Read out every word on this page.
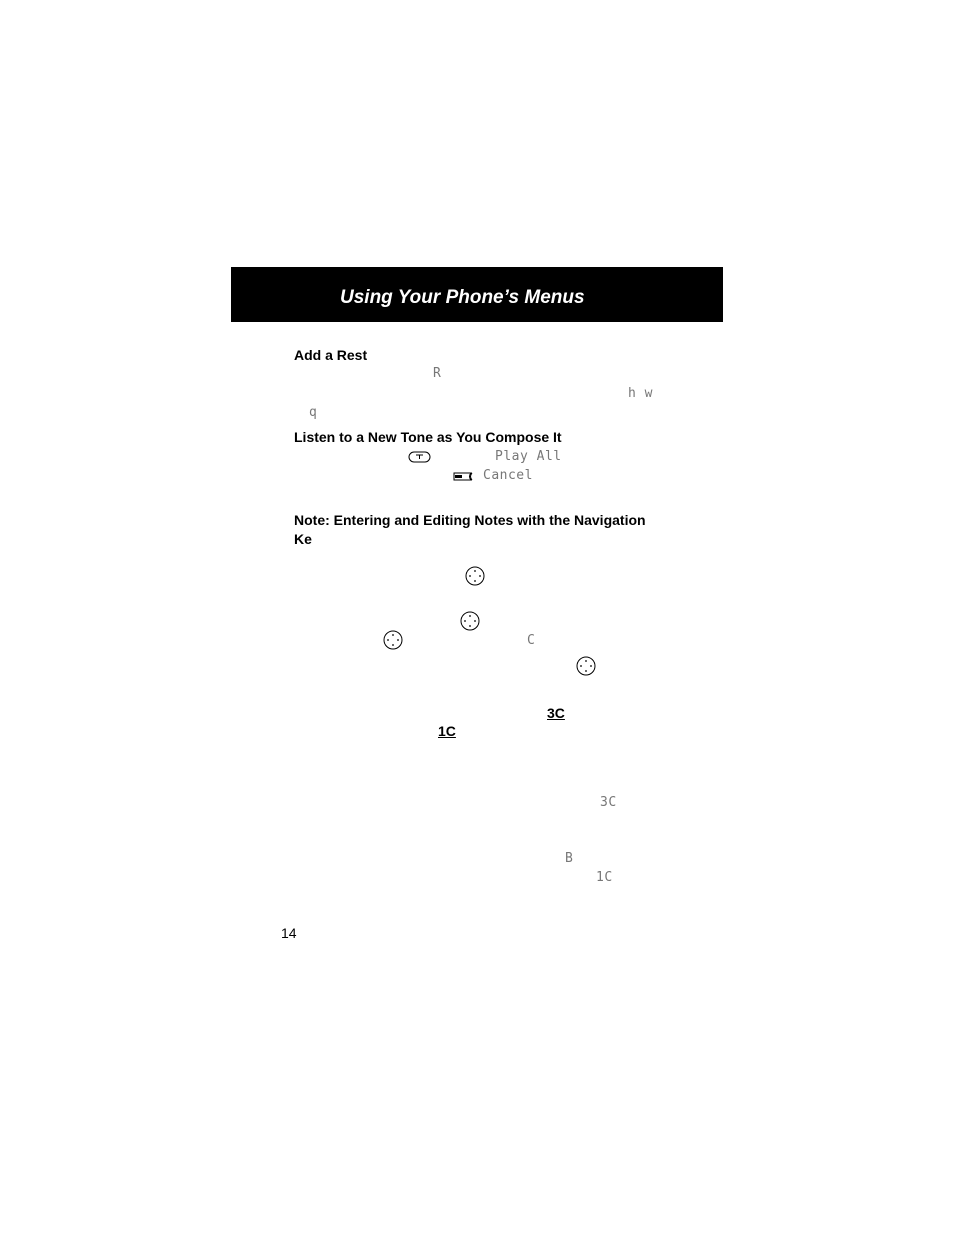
Using Your Phone’s Menus
Add a Rest
R
h w
q
Listen to a New Tone as You Compose It
Play All
Cancel
Note: Entering and Editing Notes with the Navigation
Ke
C
3C
1C
3C
B
1C
14
